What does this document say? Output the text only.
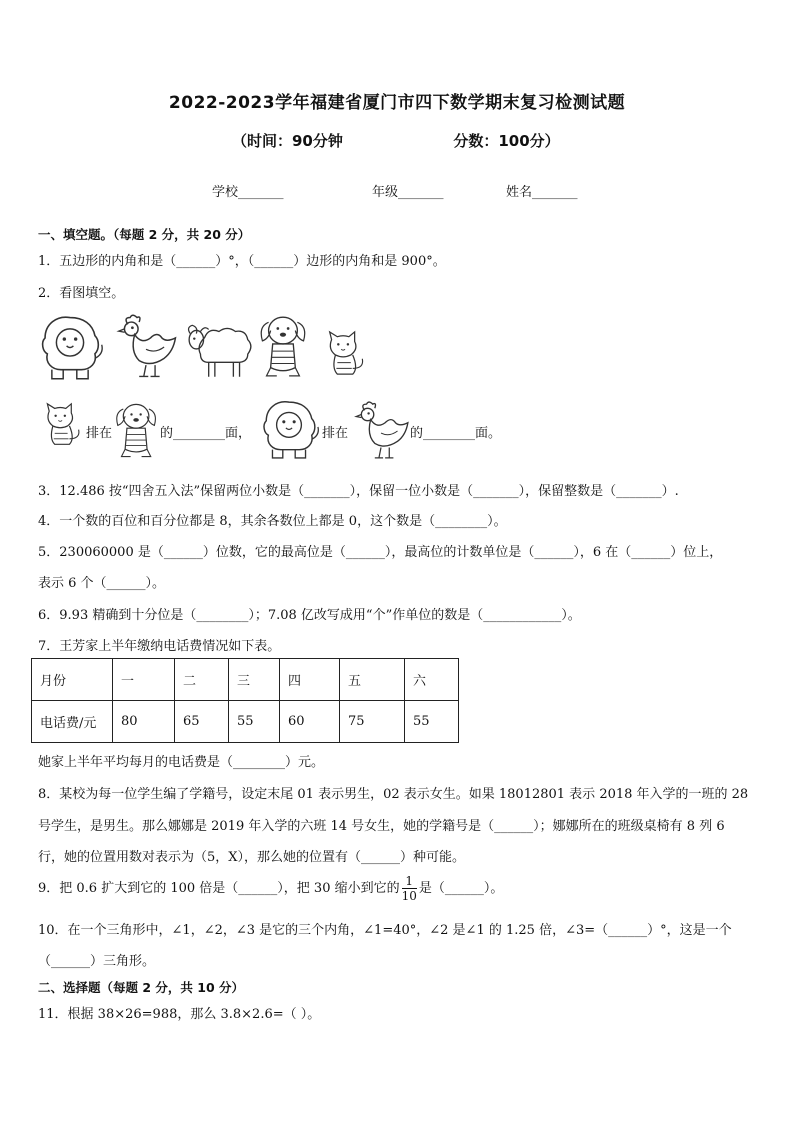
2022-2023学年福建省厦门市四下数学期末复习检测试题
（时间：90分钟	分数：100分）
学校_______	年级_______	姓名_______
一、填空题。（每题 2 分，共 20 分）
1．五边形的内角和是（______）°，（______）边形的内角和是 900°。
2．看图填空。
排在	的________面，	排在	的________面。
3．12.486 按“四舍五入法”保留两位小数是（_______），保留一位小数是（_______），保留整数是（_______）.
4．一个数的百位和百分位都是 8，其余各数位上都是 0，这个数是（________）。
5．230060000 是（______）位数，它的最高位是（______），最高位的计数单位是（______），6 在（______）位上，
表示 6 个（______）。
6．9.93 精确到十分位是（________）；7.08 亿改写成用“个”作单位的数是（____________）。
7．王芳家上半年缴纳电话费情况如下表。
月份	一	二	三	四	五	六
电话费/元	80	65	55	60	75	55
她家上半年平均每月的电话费是（________）元。
8．某校为每一位学生编了学籍号，设定末尾 01 表示男生，02 表示女生。如果 18012801 表示 2018 年入学的一班的 28
号学生，是男生。那么娜娜是 2019 年入学的六班 14 号女生，她的学籍号是（______）；娜娜所在的班级桌椅有 8 列 6
行，她的位置用数对表示为（5，X），那么她的位置有（______）种可能。
9．把 0.6 扩大到它的 100 倍是（______），把 30 缩小到它的 $\frac{1}{10}$ 是（______）。
10．在一个三角形中，∠1，∠2，∠3 是它的三个内角，∠1=40°，∠2 是∠1 的 1.25 倍，∠3=（______）°，这是一个
（______）三角形。
二、选择题（每题 2 分，共 10 分）
11．根据 38×26=988，那么 3.8×2.6=（ ）。
